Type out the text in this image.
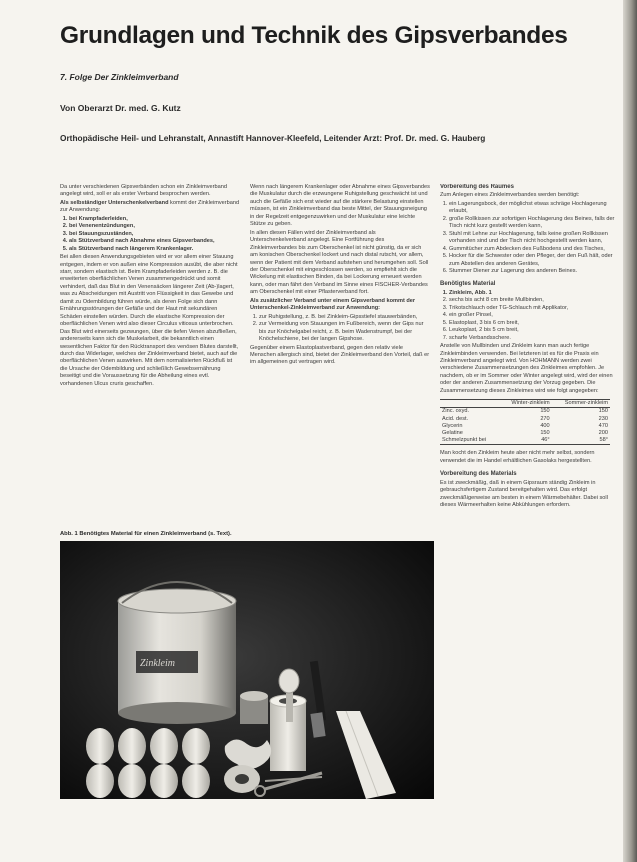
Grundlagen und Technik des Gipsverbandes
7. Folge Der Zinkleimverband
Von Oberarzt Dr. med. G. Kutz
Orthopädische Heil- und Lehranstalt, Annastift Hannover-Kleefeld, Leitender Arzt: Prof. Dr. med. G. Hauberg

Da unter verschiedenen Gipsverbänden schon ein Zinkleimverband angelegt wird, soll er als erster Verband besprochen werden.

Als selbständiger Unterschenkelverband kommt der Zinkleimverband zur Anwendung:

1. bei Krampfaderleiden,
2. bei Venenentzündungen,
3. bei Stauungszuständen,
4. als Stützverband nach Abnahme eines Gipsverbandes,
5. als Stützverband nach längerem Krankenlager.

Bei allen diesen Anwendungsgebieten wird er vor allem einer Stauung entgegen, indem er von außen eine Kompression ausübt, die aber nicht starr, sondern elastisch ist. Beim Krampfaderleiden werden z. B. die erweiterten oberflächlichen Venen zusammengedrückt und somit verhindert, daß das Blut in den Venensäcken längerer Zeit (Ab-)lagert, was zu Abscheidungen mit Austritt von Flüssigkeit in das Gewebe und damit zu Odembildung führen würde, als deren Folge sich dann Ernährungsstörungen der Gefäße und der Haut mit sekundären Schäden einstellen würden. Durch die elastische Kompression der oberflächlichen Venen wird also dieser Circulus vitiosus unterbrochen. Das Blut wird einerseits gezwungen, über die tiefen Venen abzufließen, andererseits kann sich die Muskelarbeit, die bekanntlich einen wesentlichen Faktor für den Rücktransport des venösen Blutes darstellt, durch das Widerlager, welches der Zinkleimverband bietet, auch auf die oberflächlichen Venen auswirken. Mit dem normalisierten Rückfluß ist die Ursache der Odembildung und schließlich Gewebsernährung beseitigt und die Voraussetzung für die Abheilung eines evtl. vorhandenen Ulcus cruris geschaffen.

Wenn nach längerem Krankenlager oder Abnahme eines Gipsverbandes die Muskulatur durch die erzwungene Ruhigstellung geschwächt ist und auch die Gefäße sich erst wieder auf die stärkere Belastung einstellen müssen, ist ein Zinkleimverband das beste Mittel, der Stauungsneigung in der Regelzeit entgegenzuwirken und der Muskulatur eine leichte Stütze zu geben.

In allen diesen Fällen wird der Zinkleimverband als Unterschenkelverband angelegt. Eine Fortführung des Zinkleimverbandes bis zum Oberschenkel ist nicht günstig, da er sich am konischen Oberschenkel lockert und nach distal rutscht, vor allem, wenn der Patient mit dem Verband aufstehen und herumgehen soll. Soll der Oberschenkel mit eingeschlossen werden, so empfiehlt sich die Wickelung mit elastischen Binden, da bei Lockerung erneuert werden kann, oder man fährt den Verband im Sinne eines FISCHER-Verbandes am Oberschenkel mit einer Pflasterverband fort.

Als zusätzlicher Verband unter einem Gipsverband kommt der Unterschenkel-Zinkleimverband zur Anwendung:

1. zur Ruhigstellung, z. B. bei Zinkleim-Gipsstiefel stauwerbänden,
2. zur Vermeidung von Stauungen im Fußbereich, wenn der Gips nur bis zur Knöchelgabel reicht, z. B. beim Wadenstrumpf, bei der Knöchelschiene, bei der langen Gipshose.

Gegenüber einem Elastoplastverband, gegen den relativ viele Menschen allergisch sind, bietet der Zinkleimverband den Vorteil, daß er im allgemeinen gut vertragen wird.

Vorbereitung des Raumes

Zum Anlegen eines Zinkleimverbandes werden benötigt:

1. ein Lagerungsbock, der möglichst etwas schräge Hochlagerung erlaubt,
2. große Rollkissen zur sofortigen Hochlagerung des Beines, falls der Tisch nicht kurz gestellt werden kann,
3. Stuhl mit Lehne zur Hochlagerung, falls keine großen Rollkissen vorhanden sind und der Tisch nicht hochgestellt werden kann,
4. Gummitücher zum Abdecken des Fußbodens und des Tisches,
5. Hocker für die Schwester oder den Pfleger, der den Fuß hält, oder zum Abstellen des anderen Gerätes,
6. Stummer Diener zur Lagerung des anderen Beines.

Benötigtes Material

1. Zinkleim, Abb. 1
2. sechs bis acht 8 cm breite Mullbinden,
3. Trikotschlauch oder TG-Schlauch mit Applikator,
4. ein großer Pinsel,
5. Elastoplast, 3 bis 6 cm breit,
6. Leukoplast, 2 bis 5 cm breit,
7. scharfe Verbandsschere.

Anstelle von Mullbinden und Zinkleim kann man auch fertige Zinkleimbinden verwenden. Bei letzteren ist es für die Praxis ein Zinkleimverband angelegt wird. Von HOHMANN werden zwei verschiedene Zusammensetzungen des Zinkleimes empfohlen. Je nachdem, ob er im Sommer oder Winter angelegt wird, wird der einen oder der anderen Zusammensetzung der Vorzug gegeben. Die Zusammensetzung dieses Zinkleimes wird wie folgt angegeben:

	Winter-zinkleim	Sommer-zinkleim
Zinc. oxyd.	150	150
Acid. dest.	270	230
Glycerin	400	470
Gelatine	150	200
Schmelzpunkt bei	46°	58°

Man kocht den Zinkleim heute aber nicht mehr selbst, sondern verwendet die im Handel erhältlichen Gasolaks hergestellten.

Vorbereitung des Materials

Es ist zweckmäßig, daß in einem Gipsraum ständig Zinkleim in gebrauchsfertigem Zustand bereitgehalten wird. Das erfolgt zweckmäßigerweise am besten in einem Wärmebehälter. Dabei soll dieses Wärmeerhalten keine Abkühlungen erfordern.

Abb. 1 Benötigtes Material für einen Zinkleimverband (s. Text).
Zinkleim
